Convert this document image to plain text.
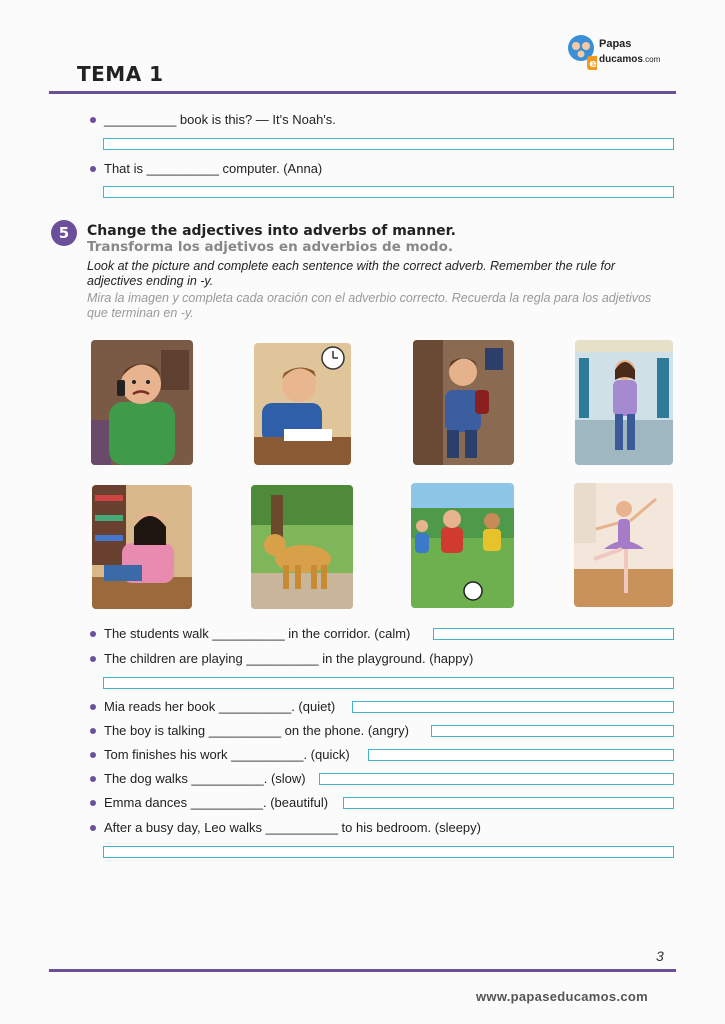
TEMA 1	e
Papas
ducamos.com
__________ book is this? — It's Noah's.
That is __________ computer. (Anna)
5	Change the adjectives into adverbs of manner.
Transforma los adjetivos en adverbios de modo.
Look at the picture and complete each sentence with the correct adverb. Remember the rule for adjectives ending in -y.
Mira la imagen y completa cada oración con el adverbio correcto. Recuerda la regla para los adjetivos que terminan en -y.
The students walk __________ in the corridor. (calm)
The children are playing __________ in the playground. (happy)
Mia reads her book __________. (quiet)
The boy is talking __________ on the phone. (angry)
Tom finishes his work __________. (quick)
The dog walks __________. (slow)
Emma dances __________. (beautiful)
After a busy day, Leo walks __________ to his bedroom. (sleepy)
3
www.papaseducamos.com
